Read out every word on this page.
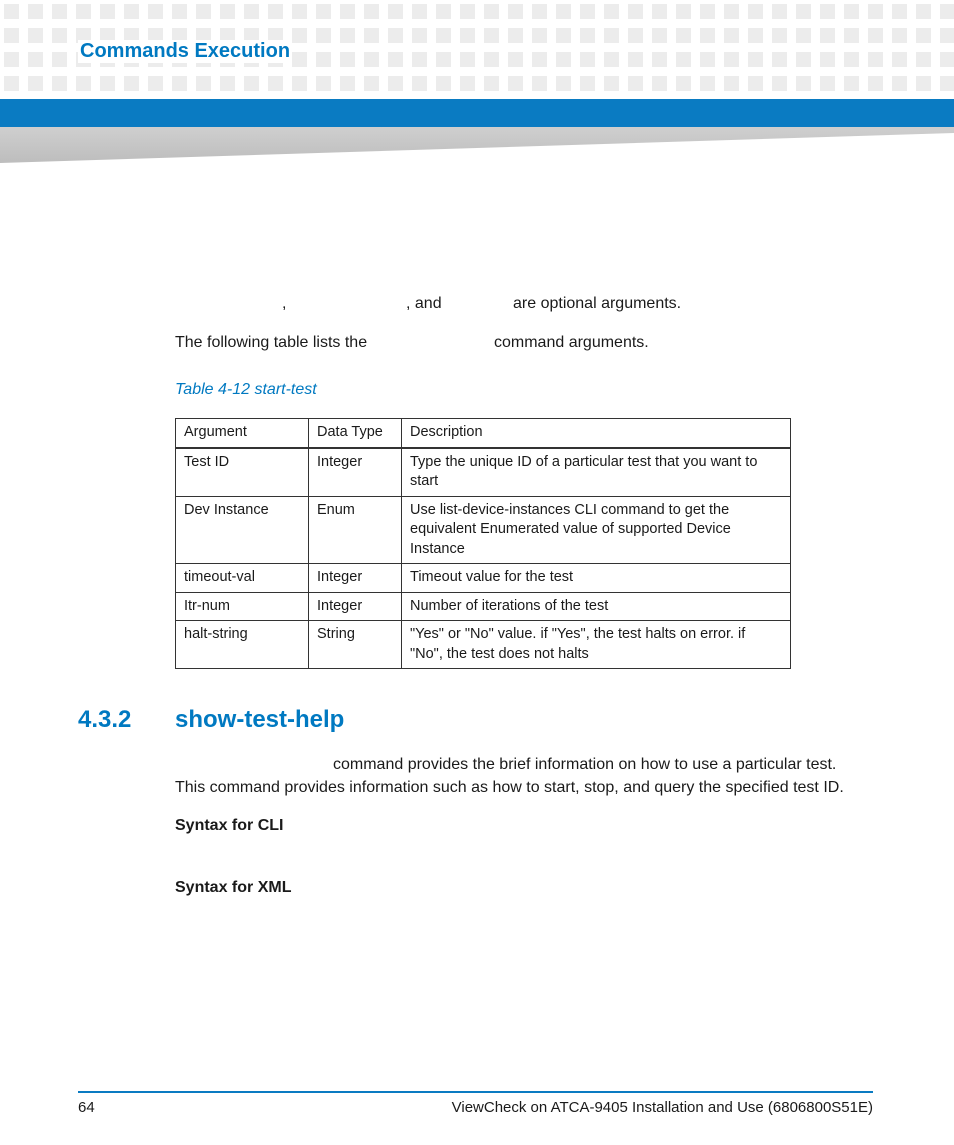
Commands Execution
,	, and	are optional arguments.
The following table lists the	command arguments.

Table 4-12 start-test

Argument	Data Type	Description
Test ID	Integer	Type the unique ID of a particular test that you want to start
Dev Instance	Enum	Use list-device-instances CLI command to get the equivalent Enumerated value of supported Device Instance
timeout-val	Integer	Timeout value for the test
Itr-num	Integer	Number of iterations of the test
halt-string	String	"Yes" or "No" value. if "Yes", the test halts on error. if "No", the test does not halts
4.3.2 show-test-help
command provides the brief information on how to use a particular test.
This command provides information such as how to start, stop, and query the specified test ID.

Syntax for CLI

Syntax for XML

64	ViewCheck on ATCA-9405 Installation and Use (6806800S51E)
